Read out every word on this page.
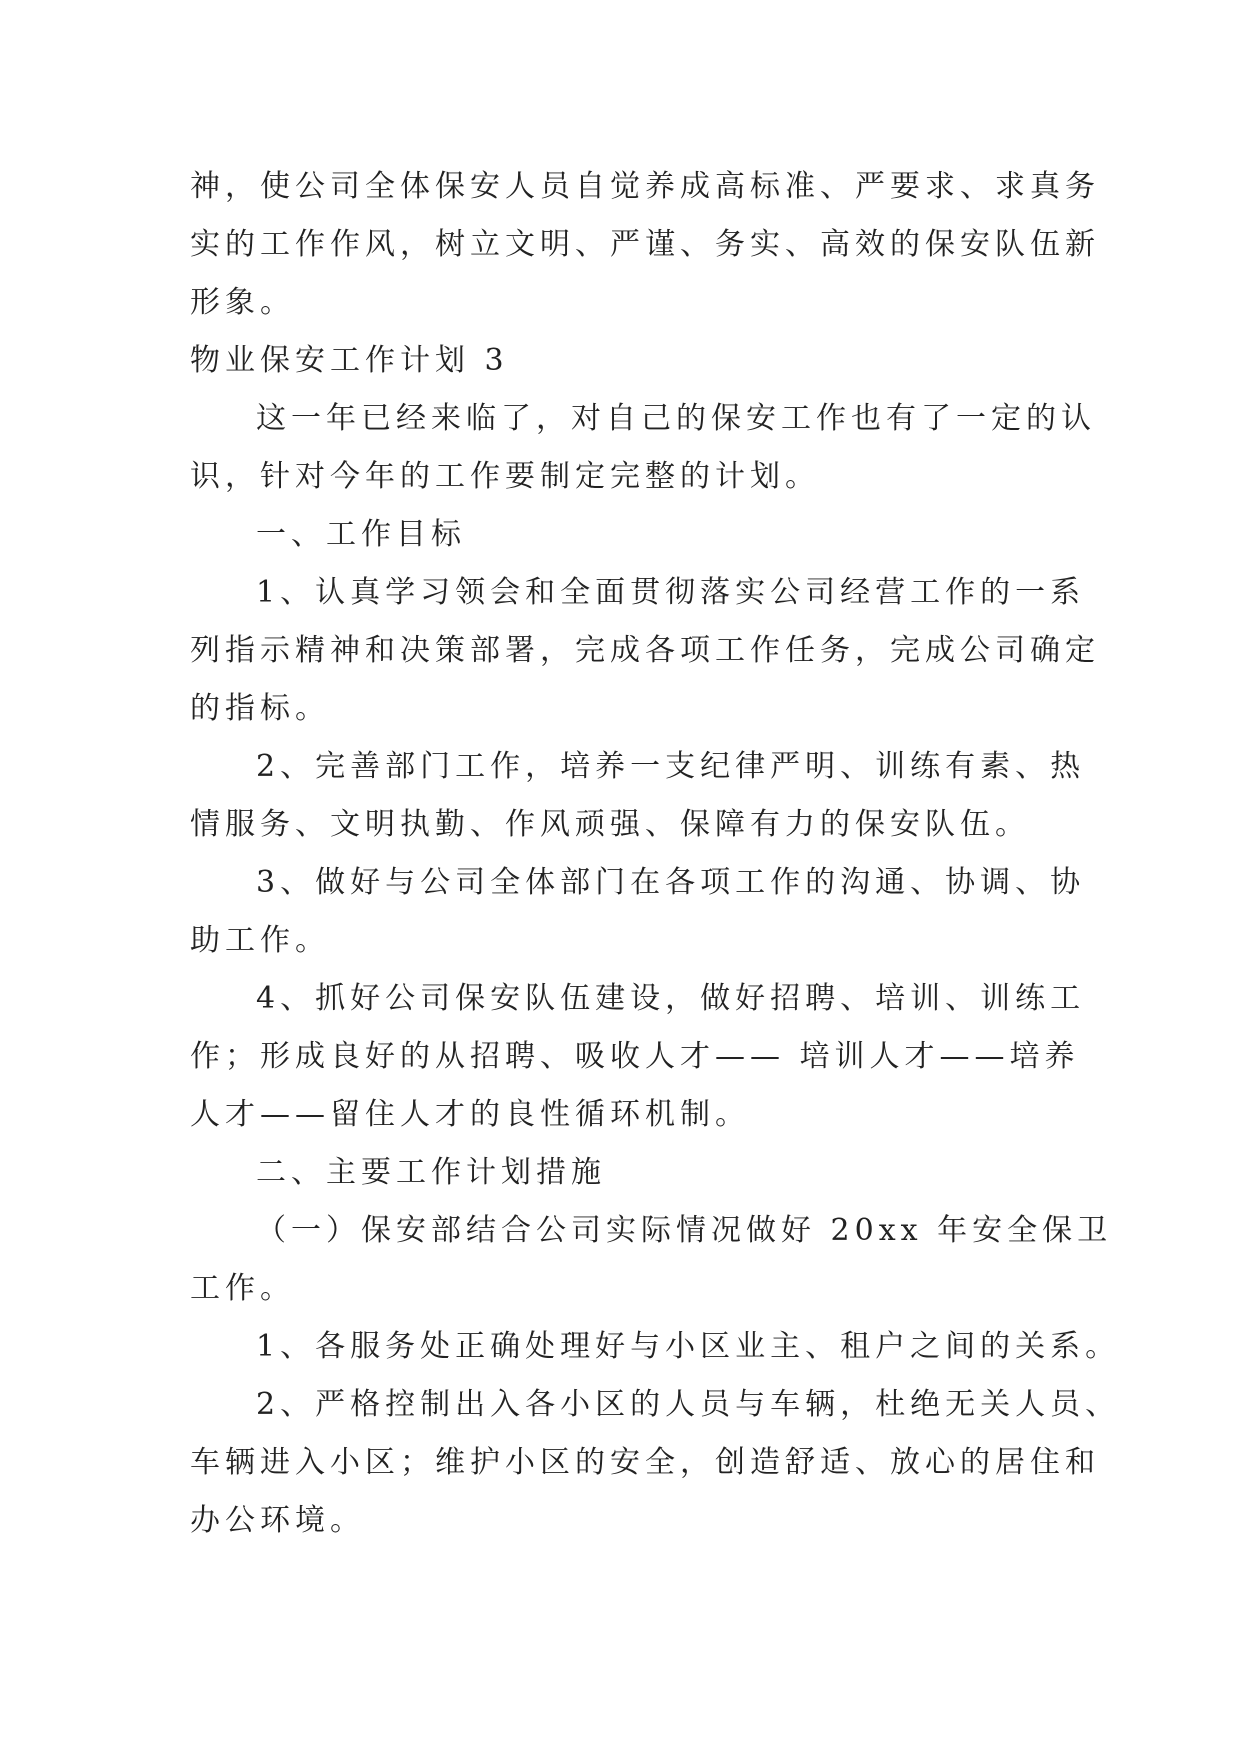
神，使公司全体保安人员自觉养成高标准、严要求、求真务
实的工作作风，树立文明、严谨、务实、高效的保安队伍新
形象。
物业保安工作计划 3
这一年已经来临了，对自己的保安工作也有了一定的认
识，针对今年的工作要制定完整的计划。
一、工作目标
1、认真学习领会和全面贯彻落实公司经营工作的一系
列指示精神和决策部署，完成各项工作任务，完成公司确定
的指标。
2、完善部门工作，培养一支纪律严明、训练有素、热
情服务、文明执勤、作风顽强、保障有力的保安队伍。
3、做好与公司全体部门在各项工作的沟通、协调、协
助工作。
4、抓好公司保安队伍建设，做好招聘、培训、训练工
作；形成良好的从招聘、吸收人才—— 培训人才——培养
人才——留住人才的良性循环机制。
二、主要工作计划措施
（一）保安部结合公司实际情况做好 20xx 年安全保卫
工作。
1、各服务处正确处理好与小区业主、租户之间的关系。
2、严格控制出入各小区的人员与车辆，杜绝无关人员、
车辆进入小区；维护小区的安全，创造舒适、放心的居住和
办公环境。
